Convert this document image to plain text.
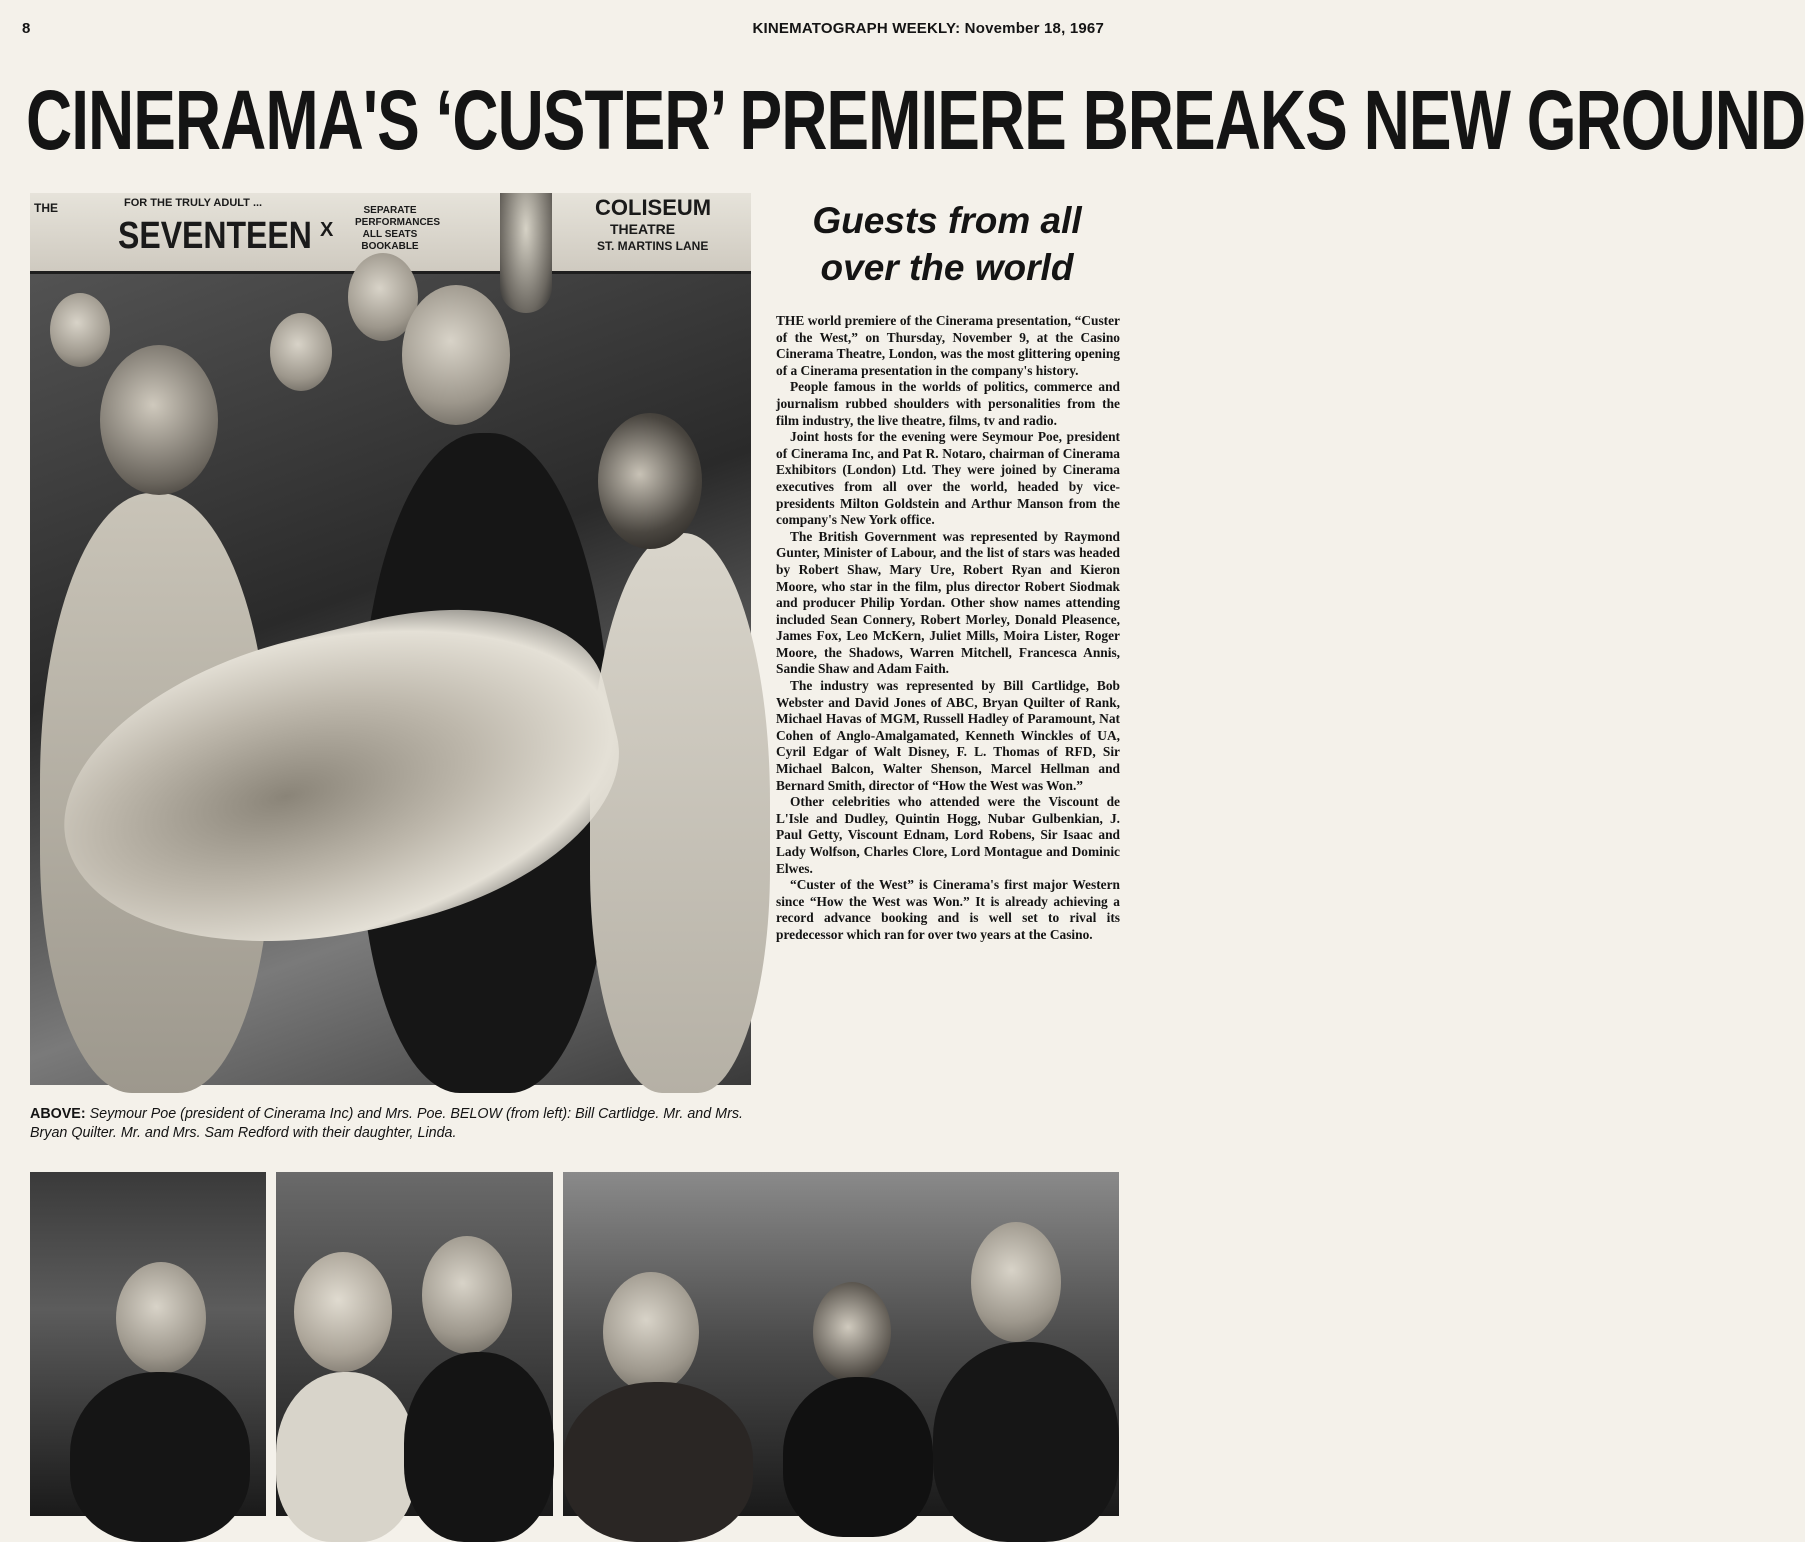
8	KINEMATOGRAPH WEEKLY: November 18, 1967
CINERAMA'S ‘CUSTER’ PREMIERE BREAKS NEW GROUND
THE	FOR THE TRULY ADULT ...
SEVENTEEN X
SEPARATE PERFORMANCES ALL SEATS BOOKABLE
COLISEUM
THEATRE
ST. MARTINS LANE
ABOVE: Seymour Poe (president of Cinerama Inc) and Mrs. Poe. BELOW (from left): Bill Cartlidge. Mr. and Mrs. Bryan Quilter. Mr. and Mrs. Sam Redford with their daughter, Linda.
Guests from all over the world

THE world premiere of the Cinerama presentation, “Custer of the West,” on Thursday, November 9, at the Casino Cinerama Theatre, London, was the most glittering opening of a Cinerama presentation in the company's history.

People famous in the worlds of politics, commerce and journalism rubbed shoulders with personalities from the film industry, the live theatre, films, tv and radio.

Joint hosts for the evening were Seymour Poe, president of Cinerama Inc, and Pat R. Notaro, chairman of Cinerama Exhibitors (London) Ltd. They were joined by Cinerama executives from all over the world, headed by vice-presidents Milton Goldstein and Arthur Manson from the company's New York office.

The British Government was represented by Raymond Gunter, Minister of Labour, and the list of stars was headed by Robert Shaw, Mary Ure, Robert Ryan and Kieron Moore, who star in the film, plus director Robert Siodmak and producer Philip Yordan. Other show names attending included Sean Connery, Robert Morley, Donald Pleasence, James Fox, Leo McKern, Juliet Mills, Moira Lister, Roger Moore, the Shadows, Warren Mitchell, Francesca Annis, Sandie Shaw and Adam Faith.

The industry was represented by Bill Cartlidge, Bob Webster and David Jones of ABC, Bryan Quilter of Rank, Michael Havas of MGM, Russell Hadley of Paramount, Nat Cohen of Anglo-Amalgamated, Kenneth Winckles of UA, Cyril Edgar of Walt Disney, F. L. Thomas of RFD, Sir Michael Balcon, Walter Shenson, Marcel Hellman and Bernard Smith, director of “How the West was Won.”

Other celebrities who attended were the Viscount de L'Isle and Dudley, Quintin Hogg, Nubar Gulbenkian, J. Paul Getty, Viscount Ednam, Lord Robens, Sir Isaac and Lady Wolfson, Charles Clore, Lord Montague and Dominic Elwes.

“Custer of the West” is Cinerama's first major Western since “How the West was Won.” It is already achieving a record advance booking and is well set to rival its predecessor which ran for over two years at the Casino.
